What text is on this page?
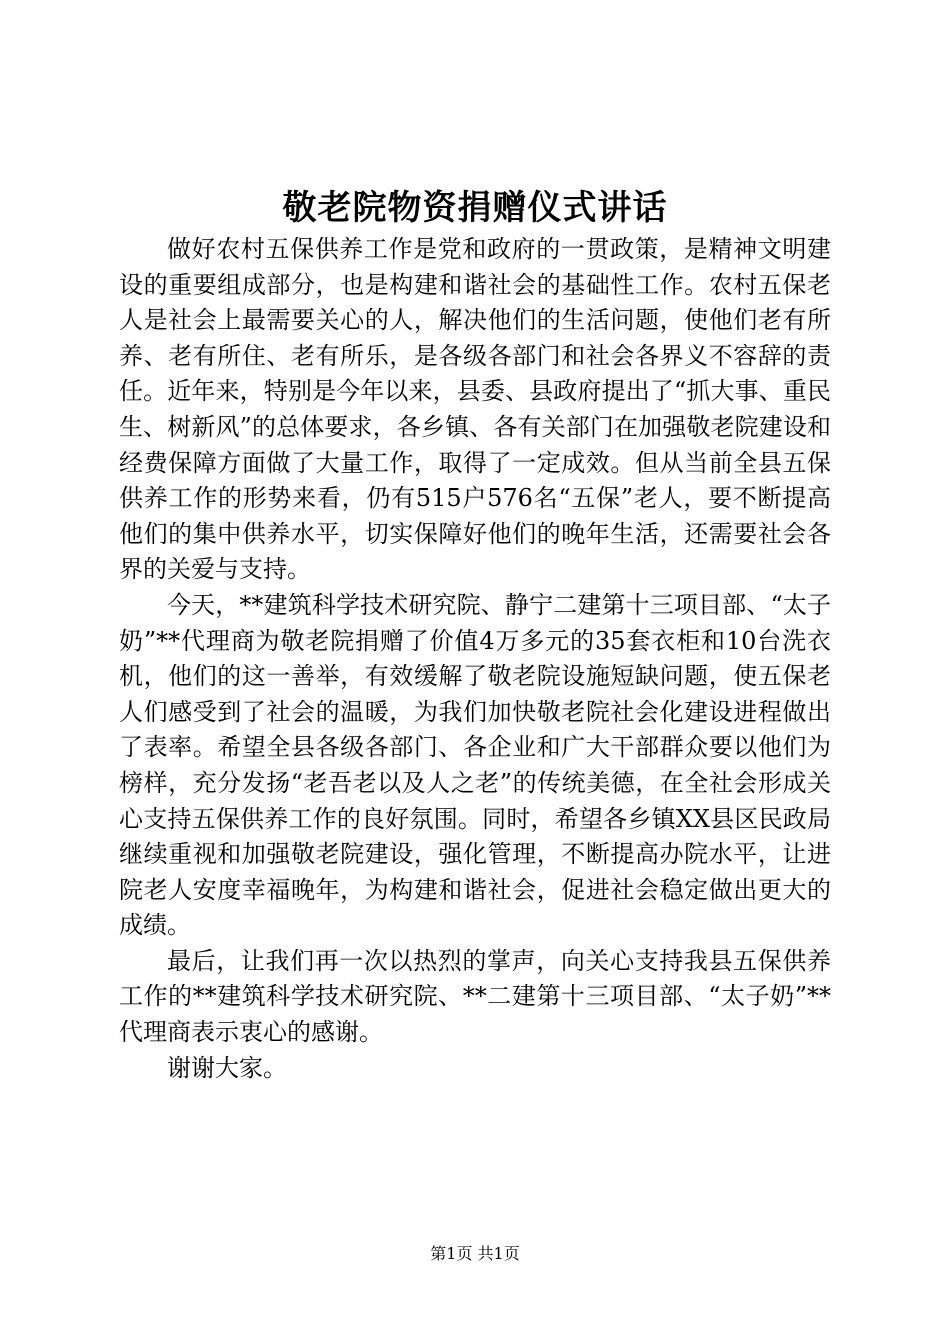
敬老院物资捐赠仪式讲话

做好农村五保供养工作是党和政府的一贯政策，是精神文明建设的重要组成部分，也是构建和谐社会的基础性工作。农村五保老人是社会上最需要关心的人，解决他们的生活问题，使他们老有所养、老有所住、老有所乐，是各级各部门和社会各界义不容辞的责任。近年来，特别是今年以来，县委、县政府提出了“抓大事、重民生、树新风”的总体要求，各乡镇、各有关部门在加强敬老院建设和经费保障方面做了大量工作，取得了一定成效。但从当前全县五保供养工作的形势来看，仍有515户576名“五保”老人，要不断提高他们的集中供养水平，切实保障好他们的晚年生活，还需要社会各界的关爱与支持。

今天，**建筑科学技术研究院、静宁二建第十三项目部、“太子奶”**代理商为敬老院捐赠了价值4万多元的35套衣柜和10台洗衣机，他们的这一善举，有效缓解了敬老院设施短缺问题，使五保老人们感受到了社会的温暖，为我们加快敬老院社会化建设进程做出了表率。希望全县各级各部门、各企业和广大干部群众要以他们为榜样，充分发扬“老吾老以及人之老”的传统美德，在全社会形成关心支持五保供养工作的良好氛围。同时，希望各乡镇XX县区民政局继续重视和加强敬老院建设，强化管理，不断提高办院水平，让进院老人安度幸福晚年，为构建和谐社会，促进社会稳定做出更大的成绩。

最后，让我们再一次以热烈的掌声，向关心支持我县五保供养工作的**建筑科学技术研究院、**二建第十三项目部、“太子奶”**代理商表示衷心的感谢。

谢谢大家。

第1页 共1页
